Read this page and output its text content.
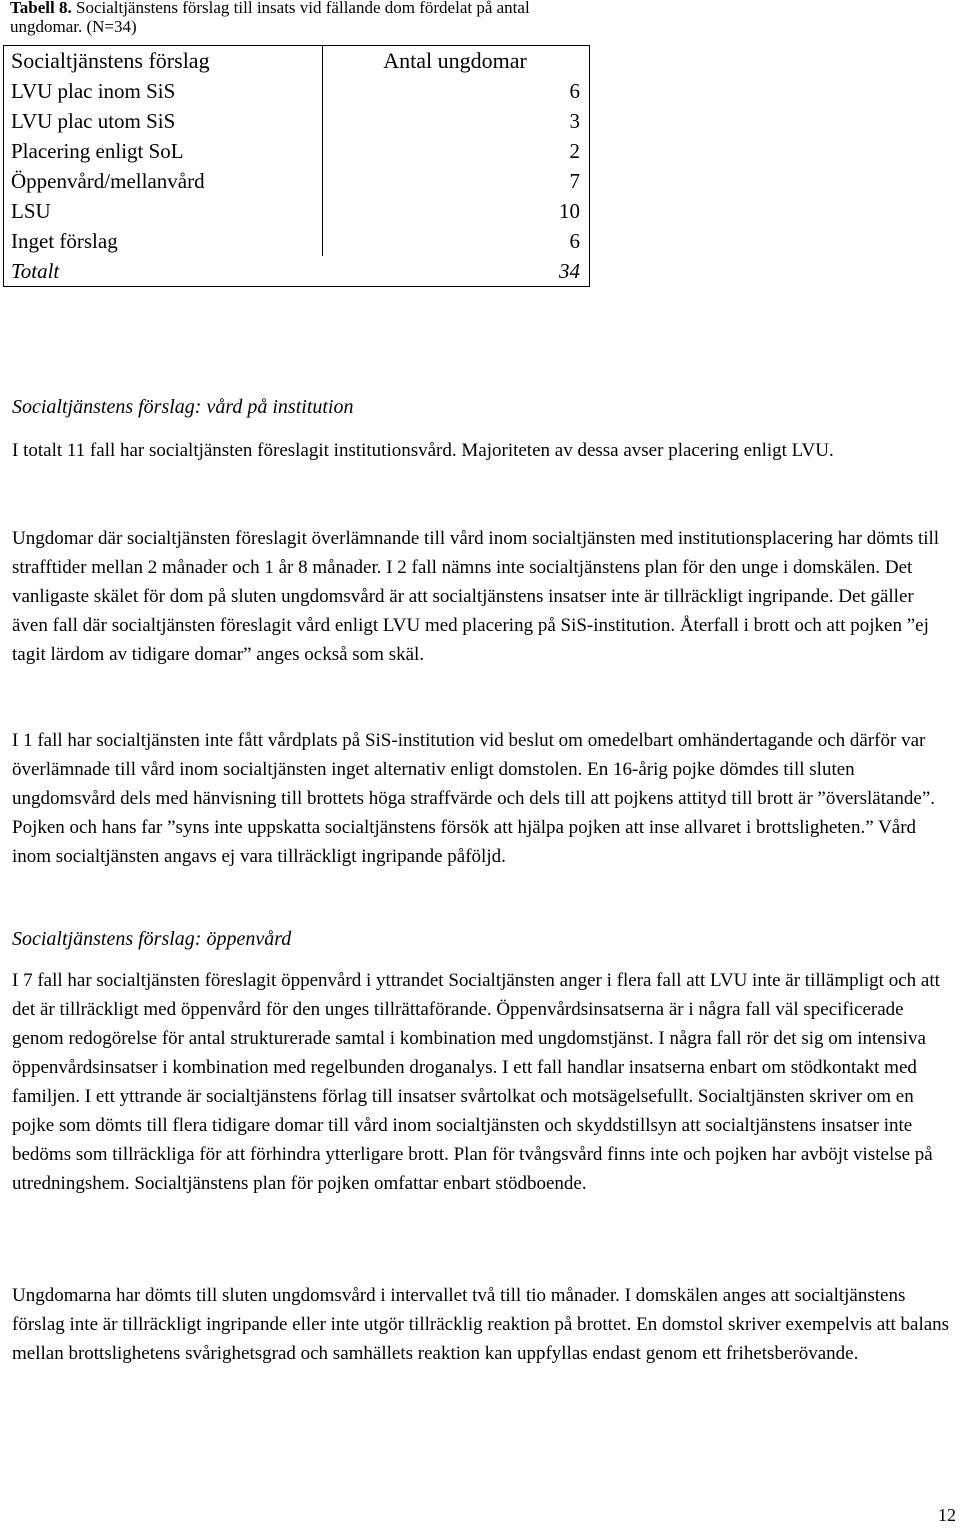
Tabell 8. Socialtjänstens förslag till insats vid fällande dom fördelat på antal ungdomar. (N=34)
Socialtjänstens förslag	Antal ungdomar
LVU plac inom SiS	6
LVU plac utom SiS	3
Placering enligt SoL	2
Öppenvård/mellanvård	7
LSU	10
Inget förslag	6
Totalt	34
Socialtjänstens förslag: vård på institution

I totalt 11 fall har socialtjänsten föreslagit institutionsvård. Majoriteten av dessa avser placering enligt LVU.

Ungdomar där socialtjänsten föreslagit överlämnande till vård inom socialtjänsten med institutionsplacering har dömts till strafftider mellan 2 månader och 1 år 8 månader. I 2 fall nämns inte socialtjänstens plan för den unge i domskälen. Det vanligaste skälet för dom på sluten ungdomsvård är att socialtjänstens insatser inte är tillräckligt ingripande. Det gäller även fall där socialtjänsten föreslagit vård enligt LVU med placering på SiS-institution. Återfall i brott och att pojken ”ej tagit lärdom av tidigare domar” anges också som skäl.

I 1 fall har socialtjänsten inte fått vårdplats på SiS-institution vid beslut om omedelbart omhändertagande och därför var överlämnade till vård inom socialtjänsten inget alternativ enligt domstolen. En 16-årig pojke dömdes till sluten ungdomsvård dels med hänvisning till brottets höga straffvärde och dels till att pojkens attityd till brott är ”överslätande”. Pojken och hans far ”syns inte uppskatta socialtjänstens försök att hjälpa pojken att inse allvaret i brottsligheten.” Vård inom socialtjänsten angavs ej vara tillräckligt ingripande påföljd.

Socialtjänstens förslag: öppenvård

I 7 fall har socialtjänsten föreslagit öppenvård i yttrandet Socialtjänsten anger i flera fall att LVU inte är tillämpligt och att det är tillräckligt med öppenvård för den unges tillrättaförande. Öppenvårdsinsatserna är i några fall väl specificerade genom redogörelse för antal strukturerade samtal i kombination med ungdomstjänst. I några fall rör det sig om intensiva öppenvårdsinsatser i kombination med regelbunden droganalys. I ett fall handlar insatserna enbart om stödkontakt med familjen. I ett yttrande är socialtjänstens förlag till insatser svårtolkat och motsägelsefullt. Socialtjänsten skriver om en pojke som dömts till flera tidigare domar till vård inom socialtjänsten och skyddstillsyn att socialtjänstens insatser inte bedöms som tillräckliga för att förhindra ytterligare brott. Plan för tvångsvård finns inte och pojken har avböjt vistelse på utredningshem. Socialtjänstens plan för pojken omfattar enbart stödboende.

Ungdomarna har dömts till sluten ungdomsvård i intervallet två till tio månader. I domskälen anges att socialtjänstens förslag inte är tillräckligt ingripande eller inte utgör tillräcklig reaktion på brottet. En domstol skriver exempelvis att balans mellan brottslighetens svårighetsgrad och samhällets reaktion kan uppfyllas endast genom ett frihetsberövande.

12
